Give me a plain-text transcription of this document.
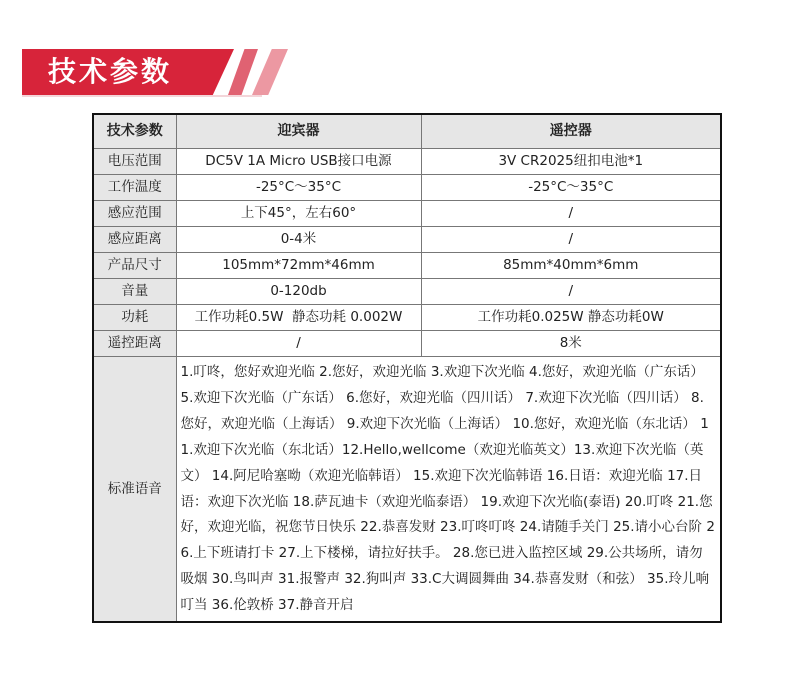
技术参数
技术参数	迎宾器	遥控器
电压范围	DC5V 1A Micro USB接口电源	3V CR2025纽扣电池*1
工作温度	-25°C～35°C	-25°C～35°C
感应范围	上下45°，左右60°	/
感应距离	0-4米	/
产品尺寸	105mm*72mm*46mm	85mm*40mm*6mm
音量	0-120db	/
功耗	工作功耗0.5W  静态功耗 0.002W	工作功耗0.025W 静态功耗0W
遥控距离	/	8米
标准语音	1.叮咚，您好欢迎光临 2.您好，欢迎光临 3.欢迎下次光临 4.您好，欢迎光临（广东话） 5.欢迎下次光临（广东话） 6.您好，欢迎光临（四川话） 7.欢迎下次光临（四川话） 8.您好，欢迎光临（上海话） 9.欢迎下次光临（上海话） 10.您好，欢迎光临（东北话） 11.欢迎下次光临（东北话）12.Hello,wellcome（欢迎光临英文）13.欢迎下次光临（英文） 14.阿尼哈塞呦（欢迎光临韩语） 15.欢迎下次光临韩语 16.日语：欢迎光临 17.日语：欢迎下次光临 18.萨瓦迪卡（欢迎光临泰语） 19.欢迎下次光临(泰语) 20.叮咚 21.您好，欢迎光临，祝您节日快乐 22.恭喜发财 23.叮咚叮咚 24.请随手关门 25.请小心台阶 26.上下班请打卡 27.上下楼梯，请拉好扶手。 28.您已进入监控区域 29.公共场所，请勿吸烟 30.鸟叫声 31.报警声 32.狗叫声 33.C大调圆舞曲 34.恭喜发财（和弦） 35.玲儿响叮当 36.伦敦桥 37.静音开启	
